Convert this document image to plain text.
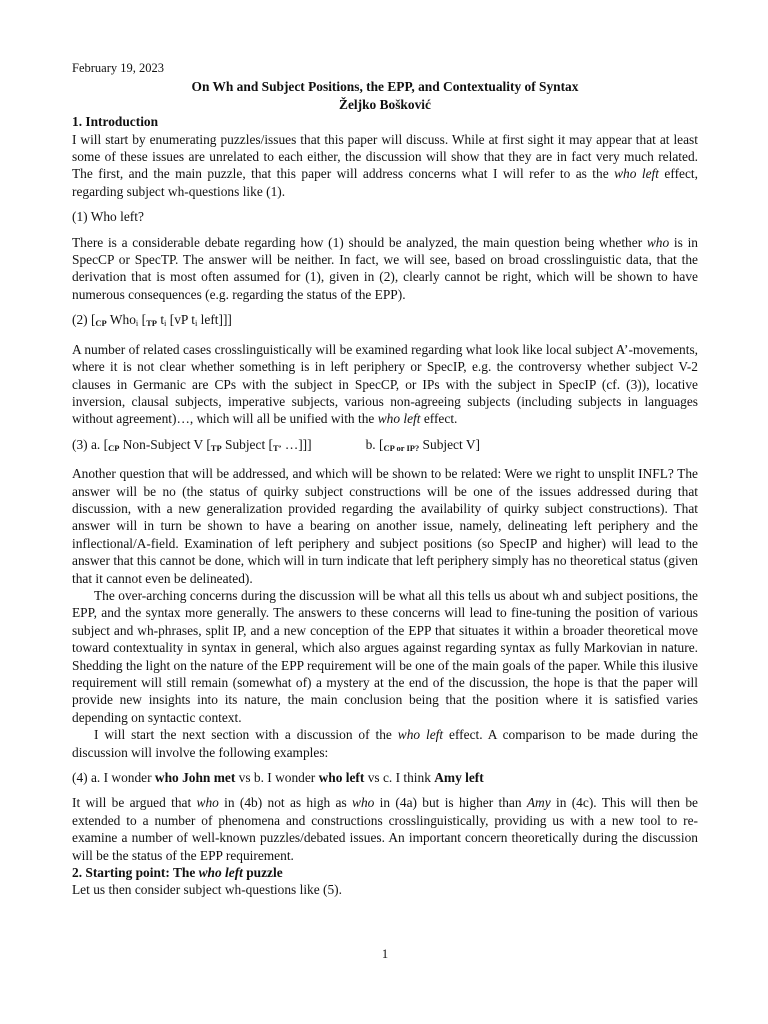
February 19, 2023
On Wh and Subject Positions, the EPP, and Contextuality of Syntax
Željko Bošković
1. Introduction
I will start by enumerating puzzles/issues that this paper will discuss. While at first sight it may appear that at least some of these issues are unrelated to each either, the discussion will show that they are in fact very much related. The first, and the main puzzle, that this paper will address concerns what I will refer to as the who left effect, regarding subject wh-questions like (1).
(1) Who left?
There is a considerable debate regarding how (1) should be analyzed, the main question being whether who is in SpecCP or SpecTP. The answer will be neither. In fact, we will see, based on broad crosslinguistic data, that the derivation that is most often assumed for (1), given in (2), clearly cannot be right, which will be shown to have numerous consequences (e.g. regarding the status of the EPP).
(2) [$_{CP}$ Who$_i$ [$_{TP}$ $t_i$ [vP $t_i$ left]]]
A number of related cases crosslinguistically will be examined regarding what look like local subject A’-movements, where it is not clear whether something is in left periphery or SpecIP, e.g. the controversy whether subject V-2 clauses in Germanic are CPs with the subject in SpecCP, or IPs with the subject in SpecIP (cf. (3)), locative inversion, clausal subjects, imperative subjects, various non-agreeing subjects (including subjects in languages without agreement)…, which will all be unified with the who left effect.
(3) a. [$_{CP}$ Non-Subject V [$_{TP}$ Subject [$_{T’}$ …]]]	b. [$_{CP or IP?}$ Subject V]
Another question that will be addressed, and which will be shown to be related: Were we right to unsplit INFL? The answer will be no (the status of quirky subject constructions will be one of the issues addressed during that discussion, with a new generalization provided regarding the availability of quirky subject constructions). That answer will in turn be shown to have a bearing on another issue, namely, delineating left periphery and the inflectional/A-field. Examination of left periphery and subject positions (so SpecIP and higher) will lead to the answer that this cannot be done, which will in turn indicate that left periphery simply has no theoretical status (given that it cannot even be delineated).
The over-arching concerns during the discussion will be what all this tells us about wh and subject positions, the EPP, and the syntax more generally. The answers to these concerns will lead to fine-tuning the position of various subject and wh-phrases, split IP, and a new conception of the EPP that situates it within a broader theoretical move toward contextuality in syntax in general, which also argues against regarding syntax as fully Markovian in nature. Shedding the light on the nature of the EPP requirement will be one of the main goals of the paper. While this ilusive requirement will still remain (somewhat of) a mystery at the end of the discussion, the hope is that the paper will provide new insights into its nature, the main conclusion being that the position where it is satisfied varies depending on syntactic context.
I will start the next section with a discussion of the who left effect. A comparison to be made during the discussion will involve the following examples:
(4) a. I wonder who John met vs b. I wonder who left vs c. I think Amy left
It will be argued that who in (4b) not as high as who in (4a) but is higher than Amy in (4c). This will then be extended to a number of phenomena and constructions crosslinguistically, providing us with a new tool to re-examine a number of well-known puzzles/debated issues. An important concern theoretically during the discussion will be the status of the EPP requirement.
2. Starting point: The who left puzzle
Let us then consider subject wh-questions like (5).
1
